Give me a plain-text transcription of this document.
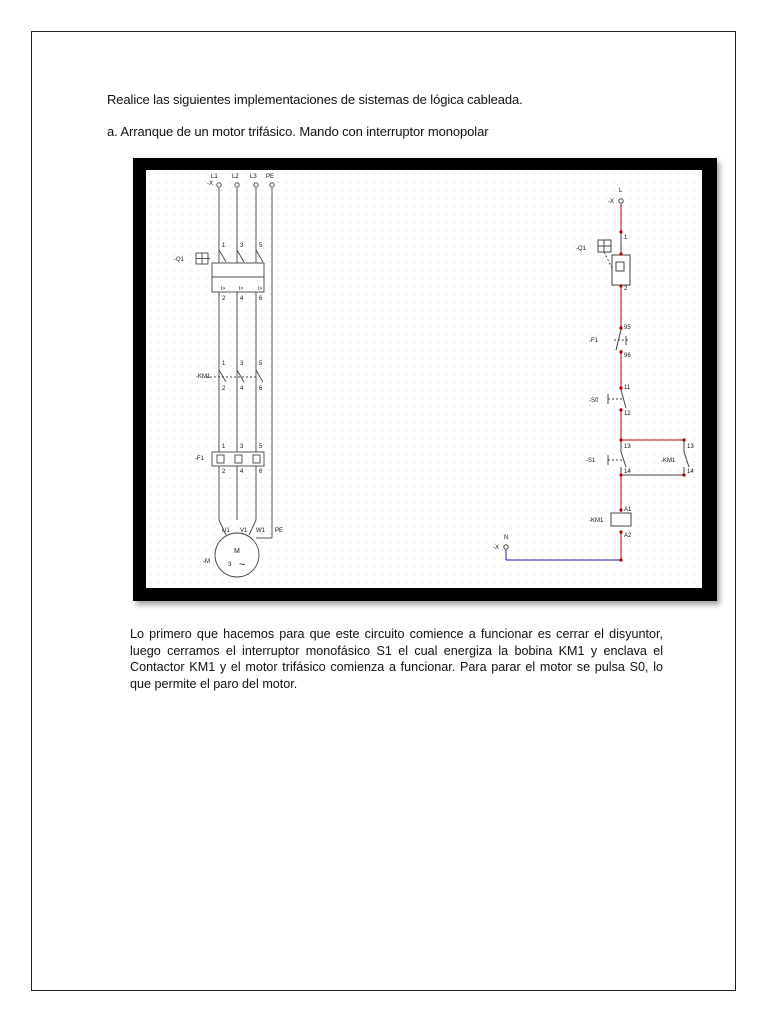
Realice las siguientes implementaciones de sistemas de lógica cableada.
a. Arranque de un motor trifásico. Mando con interruptor monopolar
L1 L2 L3 PE
-X
-Q1
1 3	5
2 4	6
I>	I>	I>
-KM1
1 3	5
2 4	6
-F1
1 3	5
2 4	6
U1 V1 W1 PE
M
3 ~
-M
L
-X
-Q1
1
2
-F1
95
96
-S0
11
12
-S1
13
14
-KM1
13
14
-KM1
A1
A2
N
-X
Lo primero que hacemos para que este circuito comience a funcionar es cerrar el disyuntor, luego cerramos el interruptor monofásico S1 el cual energiza la bobina KM1 y enclava el Contactor KM1 y el motor trifásico comienza a funcionar. Para parar el motor se pulsa S0, lo que permite el paro del motor.
